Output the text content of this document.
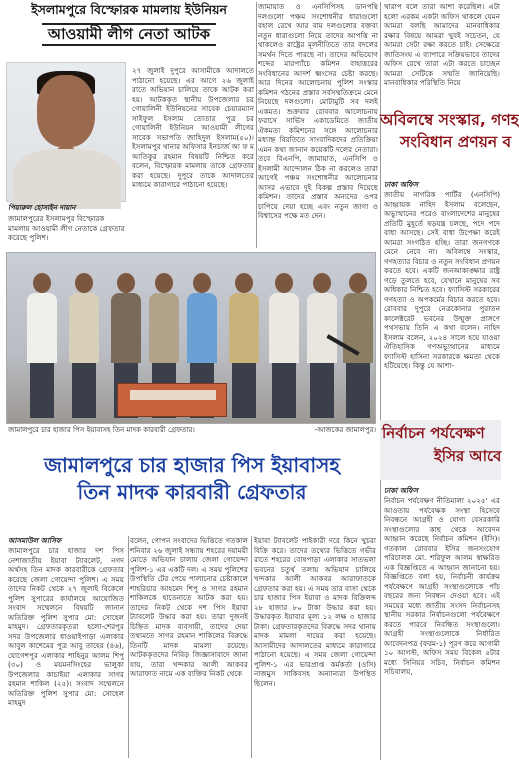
ইসলামপুরে বিস্ফোরক মামলায় ইউনিয়ন
আওয়ামী লীগ নেতা আটক
পিয়ারুল হোসাইন দায়ান
জামালপুরের ইসলামপুর বিস্ফোরক মামলায় আওয়ামী লীগ নেতাকে গ্রেফতার করেছে পুলিশ।
২৭ জুলাই দুপুরে আসামীকে আদালতে পাঠানো হয়েছে। এর আগে ২৬ জুলাই রাতে অভিযান চালিয়ে তাকে আটক করা হয়। আটককৃত স্থানীয় উপজেলার চর গোয়ালিনী ইউনিয়নের সাবেক চেয়ারম্যান সাইফুল ইসলাম তোতার পুত্র চর গোয়ালিনী ইউনিয়ন আওয়ামী লীগের সাবেক সভাপতি জাহিদুল ইসলাম(৫০)। ইসলামপুর থানার অফিসার ইনচার্জ আ ফ ম আতিকুর রহমান বিষয়টি নিশ্চিত করে বলেন, বিস্ফোরক মামলায় তাকে গ্রেফতার করা হয়েছে। দুপুরে তাকে আদালতের মাধ্যমে কারাগারে পাঠানো হয়েছে।
জামায়াত ও এনসিপিসহ ডানপন্থি দলগুলো পঞ্চম সংশোধনীর ধারাগুলো বহাল রেখে আর বাম দলগুলোর বক্তব্য নতুন ধারাগুলো নিয়ে তাদের আপত্তি না থাকলেও রাষ্ট্রের মূলনীতিতে তার বদলের সমর্থন দিতে পারছে না। তাদের অভিযোগ শব্দের মারপ্যাঁচে কমিশন বাহাত্তরের সংবিধানের আদর্শ ধ্বংসের চেষ্টা করছে। আর দিনের আলোচনায় পুলিশ সংস্কার কমিশন গঠনের প্রস্তাব সর্বসম্মতিক্রমে মেনে নিয়েছে দলগুলো। মোটামুটি সব দলই একমত। শুক্রবার রোববার আলোচনায় ফরাসে সার্ভিস একাডেমিতে জাতীয় ঐকমত্য কমিশনের সঙ্গে আলোচনার মধ্যাহ্ন বিরতিতে সাংবাদিকদের প্রতিক্রিয়া এমন কথা জানান কয়েকটি দলের নেতারা। তবে বিএনপি, জামায়াত, এনসিপি ও ইসলামী আন্দোলন ঠিক না করলেও তারা আগেই পঞ্চম সংশোধনীর আলোচনার আসর এভাবে দুই বিকল্প প্রস্তাব দিয়েছে কমিশন। তাদের প্রস্তাব অন্যদের ওপর চাপিয়ে দেয়া হচ্ছে এবং নতুন জাগা ও বিশ্বাসের পক্ষে মত দেন।
জামালপুরে চার হাজার পিস ইয়াবাসহ তিন মাদক কারবারী গ্রেফতার।	-আজকের জামালপুর।
জামালপুরে চার হাজার পিস ইয়াবাসহ
তিন মাদক কারবারী গ্রেফতার
আসমাউল আসিফ
জামালপুরে চার হাজার দশ পিস নেশাজাতীয় ইয়াবা ট্যাবলেট, নগদ অর্থসহ তিন মাদক কারবারীকে গ্রেফতার করেছে জেলা গোয়েন্দা পুলিশ। এ সময় তাদের নিকট থেকে ২৭ জুলাই বিকেলে পুলিশ সুপারের কার্যালয়ে আয়োজিত সংবাদ সম্মেলনে বিষয়টি জানান অতিরিক্ত পুলিশ সুপার মো: সোহেল মাহমুদ। গ্রেফতারকৃতরা হলো-শেরপুর সদর উপজেলার ধাওয়াইপাড়া এলাকার আবুল কাশেমের পুত্র আবু তাহের (৪৬), যোগেশপুর এলাকার শাহিনুর আলম শিপু (৩০) ও ময়মনসিংহের ভালুকা উপজেলার কাচাইয়া এলাকার সাগর রহমান শাকিল (২৫)। সংবাদ সম্মেলনে অতিরিক্ত পুলিশ সুপার মো: সোহেল মাহমুদ
বলেন, গোপন সংবাদের ভিত্তিতে গতকাল শনিবার ২৬ জুলাই সন্ধ্যায় শহরের দয়াময়ী মোড়ে অভিযান চালায় জেলা গোয়েন্দা পুলিশ-১ এর একটি দল। এ সময় পুলিশের উপস্থিতি টের পেয়ে পালানোর চেষ্টাকালে শাহরিয়ার আহমেদ শিপু ও সাগর রহমান শাকিলকে হাতেনাতে আটক করা হয়। তাদের নিকট থেকে দশ পিস ইয়াবা ট্যাবলেট উদ্ধার করা হয়। তারা দুজনই চিহ্নিত মাদক ব্যবসায়ী, তাদের দেয়া তথ্যমতে সাগর রহমান শাকিলের বিরুদ্ধে তিনটি মাদক মামলা রয়েছে। আটককৃতদের নিবিড় জিজ্ঞাসাবাদে জানা যায়, তারা খন্দকার আলী আকবর আরাফাত নামে এক ব্যক্তির নিকট থেকে
ইয়াবা ট্যাবলেট পাইকারী দরে কিনে খুচরা বিক্রি করে। তাদের তথ্যের ভিত্তিতে গভীর রাতে শহরের বোষপাড়া এলাকার সাতভলা ভবনের চতুর্থ তলায় অভিযান চালিয়ে খন্দকার আলী আকবর আরাফাতকে গ্রেফতার করা হয়। এ সময় তার বাসা থেকে চার হাজার পিস ইয়াবা ও মাদক বিক্রিলব্দ ২৮ হাজার ৮০ টাকা উদ্ধার করা হয়। উদ্ধারকৃত ইয়াবার মূল্য ১২ লক্ষ ৩ হাজার টাকা। গ্রেফতারকৃতদের বিরুদ্ধে সদর থানায় মাদক মামলা দায়ের করা হয়েছে। আসামীদের আদালতের মাধ্যমে কারাগারে পাঠানো হয়েছে। এ সময় জেলা গোয়েন্দা পুলিশ-১ এর ভারপ্রাপ্ত কর্মকর্তা (ওসি) নাজমুস সাকিবসহ অন্যান্যরা উপস্থিত ছিলেন।
খারাপ বলে তারা আশা করেছিল। এটা হলো এরকম একটা অফিস থাকলে যেমন আমরা বলছি আমাদের মানবাধিকার রক্ষার বিষয়ে আমরা খুবই সচেতন, যে আমরা সেটা রক্ষা করতে চাই। সেক্ষেত্রে জাতিসংঘ এ ব্যাপারে সক্রিয়ভাবে তাদের অফিস রেখে তারা এটা করতে চাচ্ছেন আমরা সেটিকে সম্মতি জানিয়েছি। মানবাধিকার পরিস্থিতি নিয়ে
অবিলম্বে সংস্কার, গণহ
সংবিধান প্রণয়ন ব
ঢাকা অফিস
জাতীয় নাগরিক পার্টির (এনসিপি) আহ্বায়ক নাহিদ ইসলাম বলেছেন, অভ্যুত্থানের পরেও বাংলাদেশের মানুষের প্রতিটি মুহূর্তে ষড়যন্ত্র চলছে, পদে পদে বাধা আসছে। সেই বাধা উপেক্ষা করেই আমরা সংগঠিত হচ্ছি। তারা জনগণকে মেনে নেবে না। অবিলম্বে সংস্কার, গণহত্যার বিচার ও নতুন সংবিধান প্রণয়ন করতে হবে। একটি জনআকাঙ্ক্ষার রাষ্ট্র গড়ে তুলতে হবে, যেখানে মানুষের সব অধিকার নিশ্চিত হবে। ফ্যাসিস্ট সরকারের গণহত্যা ও অপকর্মের বিচার করতে হবে। রোববার দুপুরে নেত্রকোনার পুরাতন কালেক্টরেট ভবনের উন্মুক্ত প্রাঙ্গণে পথসভায় তিনি এ কথা বলেন। নাহিদ ইসলাম বলেন, ২০২৪ সালে হয়ে যাওয়া ঐতিহাসিক গণঅভ্যুত্থানের মাধ্যমে ফ্যাসিস্ট হাসিনা সরকারকে ক্ষমতা থেকে হটিয়েছে। কিন্তু যে আশা-
নির্বাচন পর্যবেক্ষণ
ইসির আবে
ঢাকা অফিস
নির্বাচন পর্যবেক্ষণ নীতিমালা ২০২৫' এর আওতায় পর্যবেক্ষক সংস্থা হিসেবে নিবন্ধনে আগ্রহী ও যোগ্য বেসরকারি সংস্থাগুলোর কাছ থেকে আবেদন আহ্বান করেছে নির্বাচন কমিশন (ইসি)। গতকাল রোববার ইসির জনসংযোগ পরিচালক মো. শরিফুল আলম স্বাক্ষরিত এক বিজ্ঞপ্তিতে এ আহ্বান জানানো হয়। বিজ্ঞপ্তিতে বলা হয়, নির্বাচনী কার্যক্রম পর্যবেক্ষণে আগ্রহী সংস্থাগুলোকে পাঁচ বছরের জন্য নিবন্ধন দেওয়া হবে। এই সময়ের মধ্যে জাতীয় সংসদ নির্বাচনসহ স্থানীয় সরকার নির্বাচনগুলো পর্যবেক্ষণে করতে পারবে নিবন্ধিত সংস্থাগুলো। আগ্রহী সংস্থাগুলোকে নির্ধারিত আবেদনপত্র (ফরম-১) পূরণ করে আগামী ১০ আগস্ট, অফিস সময় বিকেল ৫টার মধ্যে সিনিয়র সচিব, নির্বাচন কমিশন সচিবালয়,
